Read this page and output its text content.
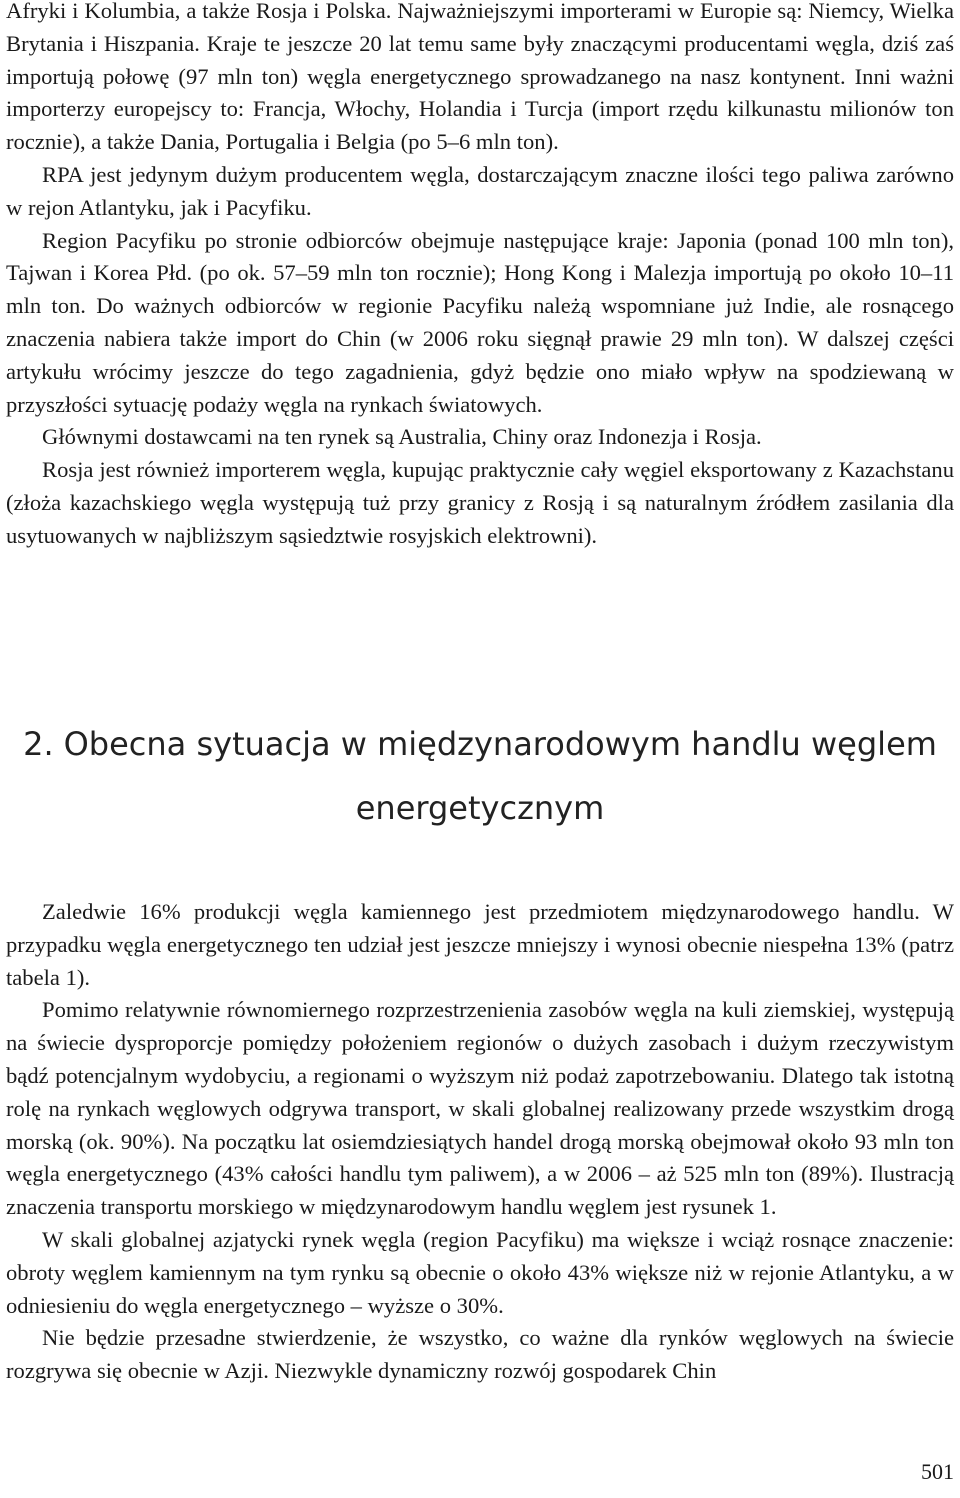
Afryki i Kolumbia, a także Rosja i Polska. Najważniejszymi importerami w Europie są: Niemcy, Wielka Brytania i Hiszpania. Kraje te jeszcze 20 lat temu same były znaczącymi producentami węgla, dziś zaś importują połowę (97 mln ton) węgla energetycznego sprowadzanego na nasz kontynent. Inni ważni importerzy europejscy to: Francja, Włochy, Holandia i Turcja (import rzędu kilkunastu milionów ton rocznie), a także Dania, Portugalia i Belgia (po 5–6 mln ton).

RPA jest jedynym dużym producentem węgla, dostarczającym znaczne ilości tego paliwa zarówno w rejon Atlantyku, jak i Pacyfiku.

Region Pacyfiku po stronie odbiorców obejmuje następujące kraje: Japonia (ponad 100 mln ton), Tajwan i Korea Płd. (po ok. 57–59 mln ton rocznie); Hong Kong i Malezja importują po około 10–11 mln ton. Do ważnych odbiorców w regionie Pacyfiku należą wspomniane już Indie, ale rosnącego znaczenia nabiera także import do Chin (w 2006 roku sięgnął prawie 29 mln ton). W dalszej części artykułu wrócimy jeszcze do tego zagadnienia, gdyż będzie ono miało wpływ na spodziewaną w przyszłości sytuację podaży węgla na rynkach światowych.

Głównymi dostawcami na ten rynek są Australia, Chiny oraz Indonezja i Rosja.

Rosja jest również importerem węgla, kupując praktycznie cały węgiel eksportowany z Kazachstanu (złoża kazachskiego węgla występują tuż przy granicy z Rosją i są naturalnym źródłem zasilania dla usytuowanych w najbliższym sąsiedztwie rosyjskich elektrowni).

2. Obecna sytuacja w międzynarodowym handlu węglem energetycznym

Zaledwie 16% produkcji węgla kamiennego jest przedmiotem międzynarodowego handlu. W przypadku węgla energetycznego ten udział jest jeszcze mniejszy i wynosi obecnie niespełna 13% (patrz tabela 1).

Pomimo relatywnie równomiernego rozprzestrzenienia zasobów węgla na kuli ziemskiej, występują na świecie dysproporcje pomiędzy położeniem regionów o dużych zasobach i dużym rzeczywistym bądź potencjalnym wydobyciu, a regionami o wyższym niż podaż zapotrzebowaniu. Dlatego tak istotną rolę na rynkach węglowych odgrywa transport, w skali globalnej realizowany przede wszystkim drogą morską (ok. 90%). Na początku lat osiemdziesiątych handel drogą morską obejmował około 93 mln ton węgla energetycznego (43% całości handlu tym paliwem), a w 2006 – aż 525 mln ton (89%). Ilustracją znaczenia transportu morskiego w międzynarodowym handlu węglem jest rysunek 1.

W skali globalnej azjatycki rynek węgla (region Pacyfiku) ma większe i wciąż rosnące znaczenie: obroty węglem kamiennym na tym rynku są obecnie o około 43% większe niż w rejonie Atlantyku, a w odniesieniu do węgla energetycznego – wyższe o 30%.

Nie będzie przesadne stwierdzenie, że wszystko, co ważne dla rynków węglowych na świecie rozgrywa się obecnie w Azji. Niezwykle dynamiczny rozwój gospodarek Chin

501
